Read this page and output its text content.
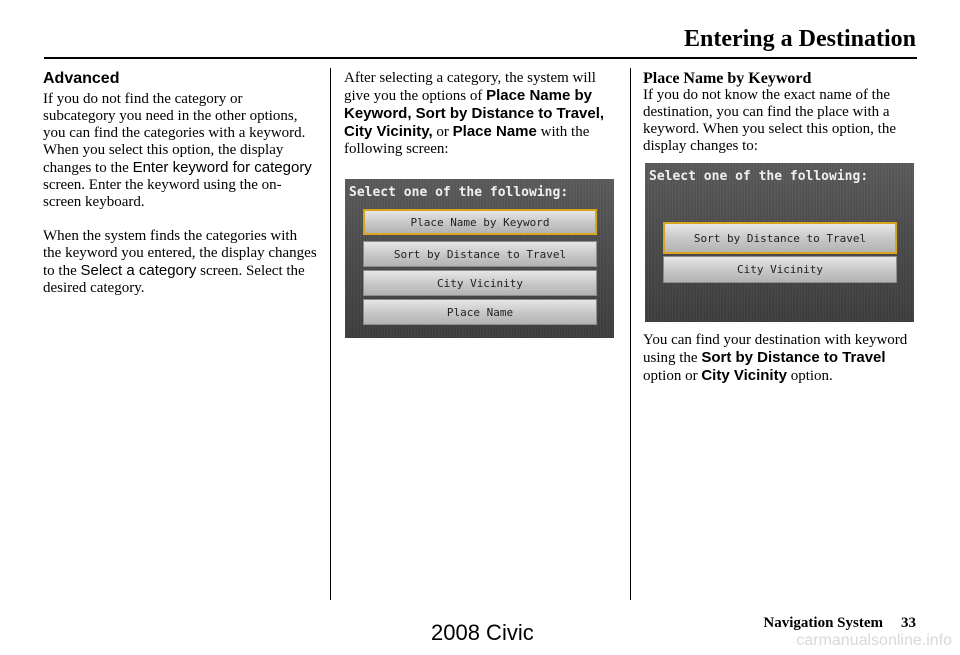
Entering a Destination
Advanced

If you do not find the category or subcategory you need in the other options, you can find the categories with a keyword. When you select this option, the display changes to the Enter keyword for category screen. Enter the keyword using the on-screen keyboard.

When the system finds the categories with the keyword you entered, the display changes to the Select a category screen. Select the desired category.

After selecting a category, the system will give you the options of Place Name by Keyword, Sort by Distance to Travel, City Vicinity, or Place Name with the following screen:

Select one of the following:
Place Name by Keyword
Sort by Distance to Travel
City Vicinity
Place Name
Place Name by Keyword

If you do not know the exact name of the destination, you can find the place with a keyword. When you select this option, the display changes to:

Select one of the following:
Sort by Distance to Travel
City Vicinity

You can find your destination with keyword using the Sort by Distance to Travel option or City Vicinity option.

Navigation System 33
2008 Civic	carmanualsonline.info
